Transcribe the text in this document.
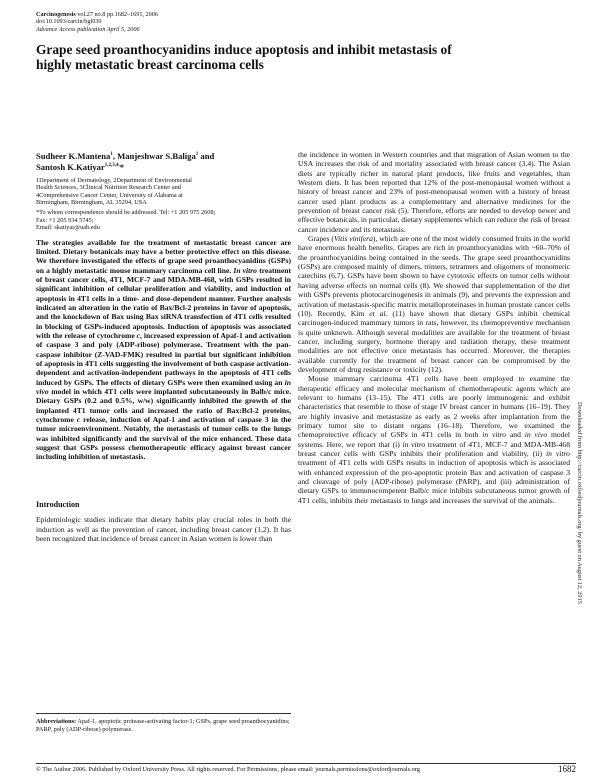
Carcinogenesis vol.27 no.8 pp.1682–1691, 2006
doi:10.1093/carcin/bgl030
Advance Access publication April 5, 2006
Grape seed proanthocyanidins induce apoptosis and inhibit metastasis of
highly metastatic breast carcinoma cells
Sudheer K.Mantena$^1$, Manjeshwar S.Baliga$^1$ and
Santosh K.Katiyar$^{1,2,3,4,}$*
1Department of Dermatology, 2Department of Environmental
Health Sciences, 3Clinical Nutrition Research Center and
4Comprehensive Cancer Center, University of Alabama at
Birmingham, Birmingham, AL 35294, USA
*To whom correspondence should be addressed. Tel: +1 205 975 2608;
Fax: +1 205 934 5745;
Email: skatiyar@uab.edu

The strategies available for the treatment of metastatic breast cancer are limited. Dietary botanicals may have a better protective effect on this disease. We therefore investigated the effects of grape seed proanthocyanidins (GSPs) on a highly metastatic mouse mammary carcinoma cell line. In vitro treatment of breast cancer cells, 4T1, MCF-7 and MDA-MB-468, with GSPs resulted in significant inhibition of cellular proliferation and viability, and induction of apoptosis in 4T1 cells in a time- and dose-dependent manner. Further analysis indicated an alteration in the ratio of Bax/Bcl-2 proteins in favor of apoptosis, and the knockdown of Bax using Bax siRNA transfection of 4T1 cells resulted in blocking of GSPs-induced apoptosis. Induction of apoptosis was associated with the release of cytochrome c, increased expression of Apaf-1 and activation of caspase 3 and poly (ADP-ribose) polymerase. Treatment with the pan-caspase inhibitor (Z-VAD-FMK) resulted in partial but significant inhibition of apoptosis in 4T1 cells suggesting the involvement of both caspase activation-dependent and activation-independent pathways in the apoptosis of 4T1 cells induced by GSPs. The effects of dietary GSPs were then examined using an in vivo model in which 4T1 cells were implanted subcutaneously in Balb/c mice. Dietary GSPs (0.2 and 0.5%, w/w) significantly inhibited the growth of the implanted 4T1 tumor cells and increased the ratio of Bax:Bcl-2 proteins, cytochrome c release, induction of Apaf-1 and activation of caspase 3 in the tumor microenvironment. Notably, the metastasis of tumor cells to the lungs was inhibited significantly and the survival of the mice enhanced. These data suggest that GSPs possess chemotherapeutic efficacy against breast cancer including inhibition of metastasis.

Introduction

Epidemiologic studies indicate that dietary habits play crucial roles in both the induction as well as the prevention of cancer, including breast cancer (1,2). It has been recognized that incidence of breast cancer in Asian women is lower than

Abbreviations: Apaf-1, apoptotic protease-activating factor-1; GSPs, grape seed proanthocyanidins; PARP, poly (ADP-ribose) polymerase.

the incidence in women in Western countries and that migration of Asian women to the USA increases the risk of and mortality associated with breast cancer (3,4). The Asian diets are typically richer in natural plant products, like fruits and vegetables, than Western diets. It has been reported that 12% of the post-menopausal women without a history of breast cancer and 23% of post-menopausal women with a history of breast cancer used plant products as a complementary and alternative medicines for the prevention of breast cancer risk (5). Therefore, efforts are needed to develop newer and effective botanicals, in particular, dietary supplements which can reduce the risk of breast cancer incidence and its metastasis.

Grapes (Vitis vinifera), which are one of the most widely consumed fruits in the world have enormous health benefits. Grapes are rich in proanthocyanidins with ~60–70% of the proanthocyanidins being contained in the seeds. The grape seed proanthocyanidins (GSPs) are composed mainly of dimers, trimers, tetramers and oligomers of monomeric catechins (6,7). GSPs have been shown to have cytotoxic effects on tumor cells without having adverse effects on normal cells (8). We showed that supplementation of the diet with GSPs prevents photocarcinogenesis in animals (9), and prevents the expression and activation of metastasis-specific matrix metalloproteinases in human prostate cancer cells (10). Recently, Kim et al. (11) have shown that dietary GSPs inhibit chemical carcinogen-induced mammary tumors in rats, however, its chemopreventive mechanism is quite unknown. Although several modalities are available for the treatment of breast cancer, including surgery, hormone therapy and radiation therapy, these treatment modalities are not effective once metastasis has occurred. Moreover, the therapies available currently for the treatment of breast cancer can be compromised by the development of drug resistance or toxicity (12).

Mouse mammary carcinoma 4T1 cells have been employed to examine the therapeutic efficacy and molecular mechanism of chemotherapeutic agents which are relevant to humans (13–15). The 4T1 cells are poorly immunogenic and exhibit characteristics that resemble to those of stage IV breast cancer in humans (16–19). They are highly invasive and metastasize as early as 2 weeks after implantation from the primary tumor site to distant organs (16–18). Therefore, we examined the chemoprotective efficacy of GSPs in 4T1 cells in both in vitro and in vivo model systems. Here, we report that (i) in vitro treatment of 4T1, MCF-7 and MDA-MB-468 breast cancer cells with GSPs inhibits their proliferation and viability, (ii) in vitro treatment of 4T1 cells with GSPs results in induction of apoptosis which is associated with enhanced expression of the pro-apoptotic protein Bax and activation of caspase 3 and cleavage of poly (ADP-ribose) polymerase (PARP), and (iii) administration of dietary GSPs to immunocompetent Balb/c mice inhibits subcutaneous tumor growth of 4T1 cells, inhibits their metastasis to lungs and increases the survival of the animals.	Downloaded from http://carcin.oxfordjournals.org/ by guest on August 12, 2015
© The Author 2006. Published by Oxford University Press. All rights reserved. For Permissions, please email: journals.permissions@oxfordjournals.org	1682
